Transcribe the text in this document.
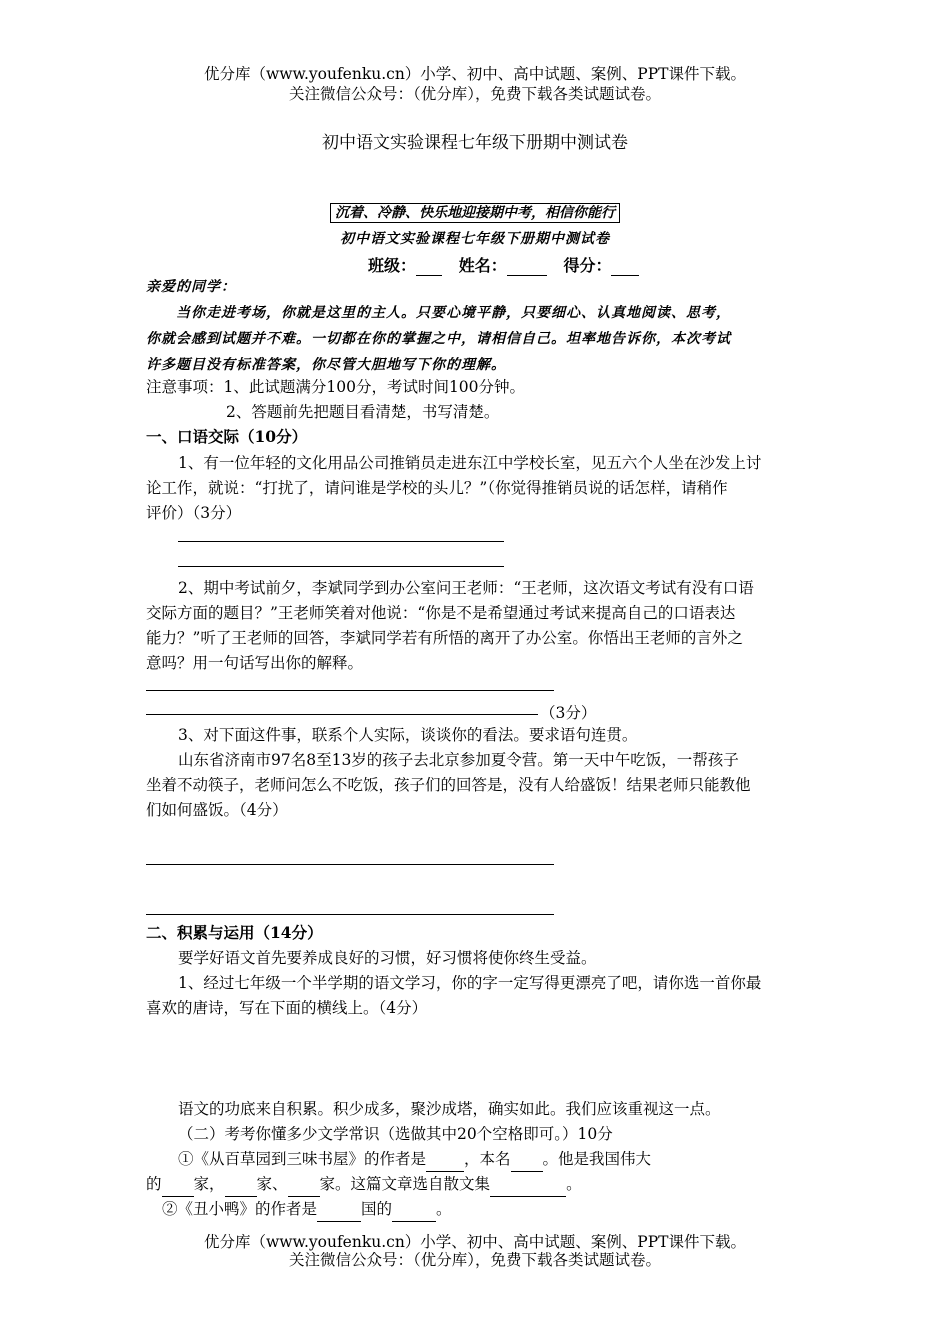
优分库（www.youfenku.cn）小学、初中、高中试题、案例、PPT课件下载。
关注微信公众号：（优分库），免费下载各类试题试卷。
初中语文实验课程七年级下册期中测试卷
沉着、冷静、快乐地迎接期中考，相信你能行
初中语文实验课程七年级下册期中测试卷
班级：	姓名：	得分：
亲爱的同学：
当你走进考场，你就是这里的主人。只要心境平静，只要细心、认真地阅读、思考，
你就会感到试题并不难。一切都在你的掌握之中，请相信自己。坦率地告诉你，本次考试
许多题目没有标准答案，你尽管大胆地写下你的理解。
注意事项：1、此试题满分100分，考试时间100分钟。
2、答题前先把题目看清楚，书写清楚。
一、口语交际（10分）
1、有一位年轻的文化用品公司推销员走进东江中学校长室，见五六个人坐在沙发上讨
论工作，就说：“打扰了，请问谁是学校的头儿？”（你觉得推销员说的话怎样，请稍作
评价）（3分）
2、期中考试前夕，李斌同学到办公室问王老师：“王老师，这次语文考试有没有口语
交际方面的题目？”王老师笑着对他说：“你是不是希望通过考试来提高自己的口语表达
能力？”听了王老师的回答，李斌同学若有所悟的离开了办公室。你悟出王老师的言外之
意吗？用一句话写出你的解释。
（3分）
3、对下面这件事，联系个人实际，谈谈你的看法。要求语句连贯。
山东省济南市97名8至13岁的孩子去北京参加夏令营。第一天中午吃饭，一帮孩子
坐着不动筷子，老师问怎么不吃饭，孩子们的回答是，没有人给盛饭！结果老师只能教他
们如何盛饭。（4分）
二、积累与运用（14分）
要学好语文首先要养成良好的习惯，好习惯将使你终生受益。
1、经过七年级一个半学期的语文学习，你的字一定写得更漂亮了吧，请你选一首你最
喜欢的唐诗，写在下面的横线上。（4分）
语文的功底来自积累。积少成多，聚沙成塔，确实如此。我们应该重视这一点。
（二）考考你懂多少文学常识（选做其中20个空格即可。）10分
①《从百草园到三味书屋》的作者是 ，本名 。他是我国伟大
的 家， 家、 家。这篇文章选自散文集	。
②《丑小鸭》的作者是	国的	。
优分库（www.youfenku.cn）小学、初中、高中试题、案例、PPT课件下载。
关注微信公众号：（优分库），免费下载各类试题试卷。
